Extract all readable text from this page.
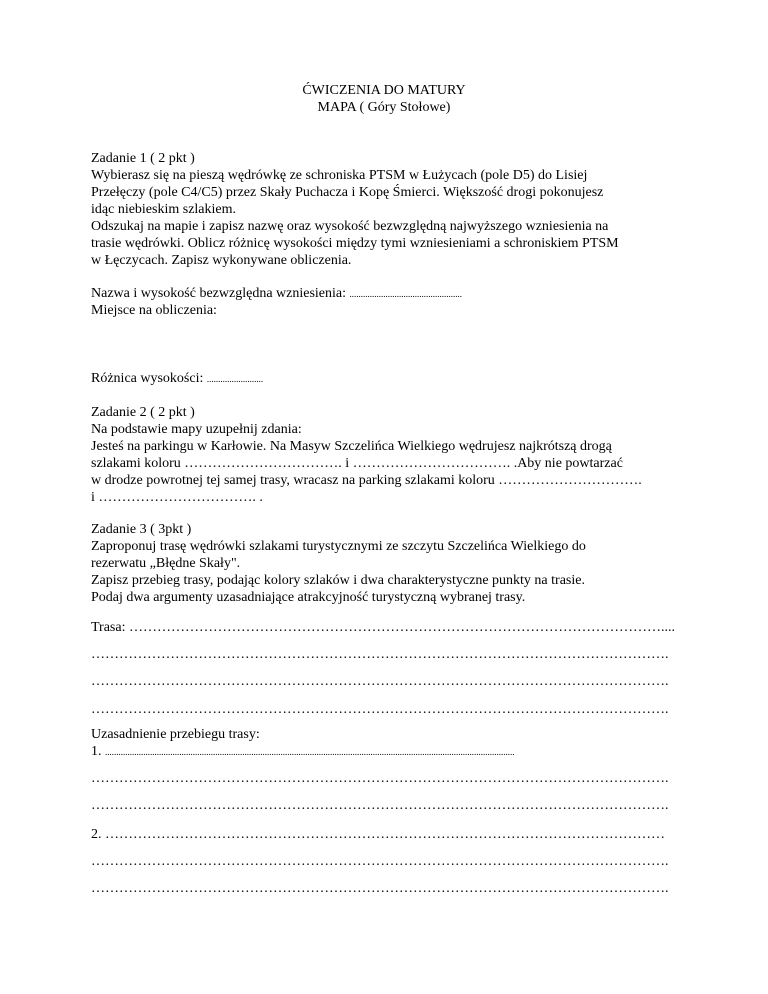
ĆWICZENIA DO MATURY
MAPA ( Góry Stołowe)
Zadanie 1 ( 2 pkt )
Wybierasz się na pieszą wędrówkę ze schroniska PTSM w Łużycach (pole D5) do Lisiej
Przełęczy (pole C4/C5) przez Skały Puchacza i Kopę Śmierci. Większość drogi pokonujesz
idąc niebieskim szlakiem.
Odszukaj na mapie i zapisz nazwę oraz wysokość bezwzględną najwyższego wzniesienia na
trasie wędrówki. Oblicz różnicę wysokości między tymi wzniesieniami a schroniskiem PTSM
w Łęczycach. Zapisz wykonywane obliczenia.
Nazwa i wysokość bezwzględna wzniesienia: ..................................................
Miejsce na obliczenia:
Różnica wysokości: .........................
Zadanie 2 ( 2 pkt )
Na podstawie mapy uzupełnij zdania:
Jesteś na parkingu w Karłowie. Na Masyw Szczelińca Wielkiego wędrujesz najkrótszą drogą
szlakami koloru ……………………………. i ……………………………. .Aby nie powtarzać
w drodze powrotnej tej samej trasy, wracasz na parking szlakami koloru ………………………….
i ……………………………. .
Zadanie 3 ( 3pkt )
Zaproponuj trasę wędrówki szlakami turystycznymi ze szczytu Szczelińca Wielkiego do
rezerwatu „Błędne Skały".
Zapisz przebieg trasy, podając kolory szlaków i dwa charakterystyczne punkty na trasie.
Podaj dwa argumenty uzasadniające atrakcyjność turystyczną wybranej trasy.
Trasa: ……………………………………………………………………………………………………....
…………………………………………………………………………………………………………….
…………………………………………………………………………………………………………….
…………………………………………………………………………………………………………….
Uzasadnienie przebiegu trasy:
1. ......................................................................................................................................................................................
…………………………………………………………………………………………………………….
…………………………………………………………………………………………………………….
2. …………………………………………………………………………………………………………
…………………………………………………………………………………………………………….
…………………………………………………………………………………………………………….
